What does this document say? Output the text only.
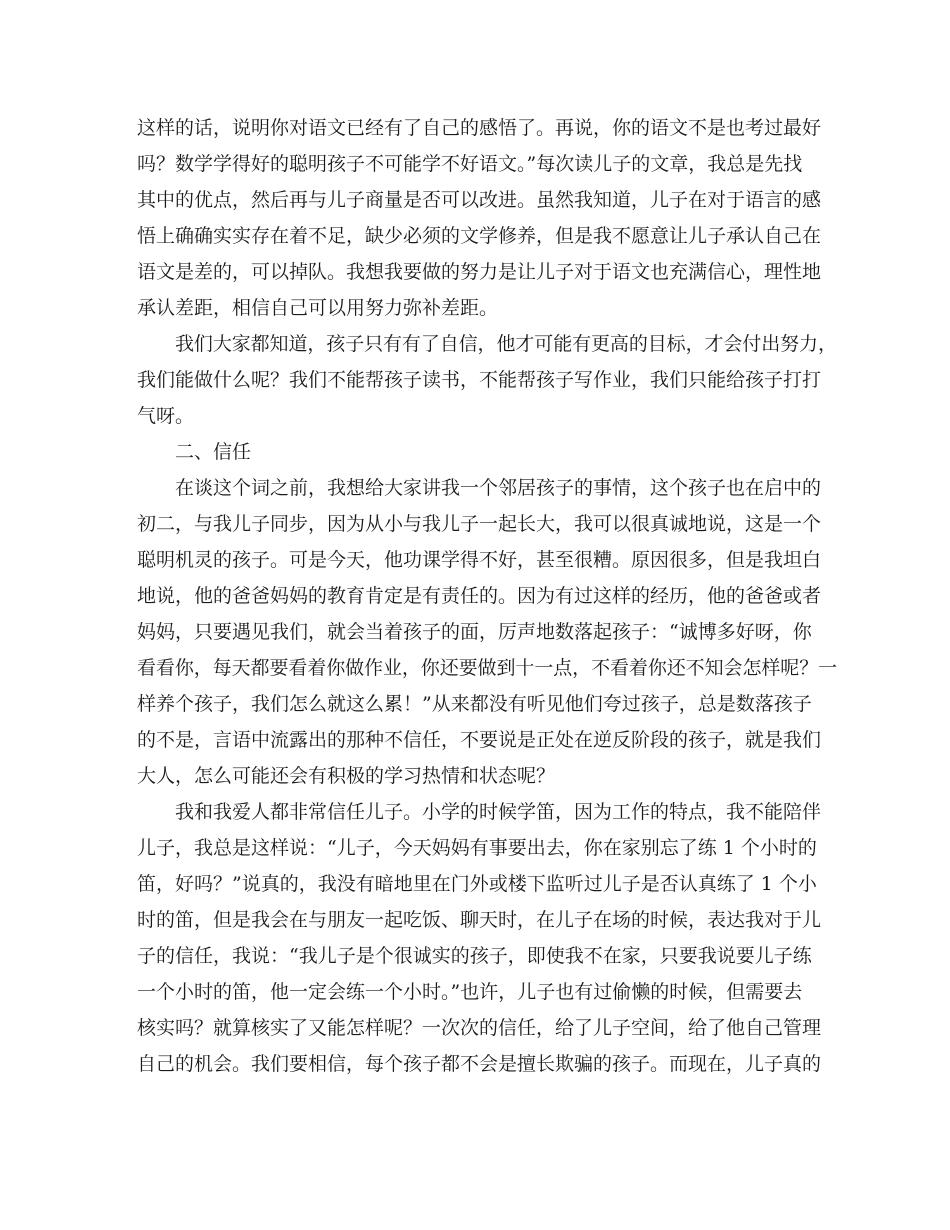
这样的话，说明你对语文已经有了自己的感悟了。再说，你的语文不是也考过最好
吗？数学学得好的聪明孩子不可能学不好语文。”每次读儿子的文章，我总是先找
其中的优点，然后再与儿子商量是否可以改进。虽然我知道，儿子在对于语言的感
悟上确确实实存在着不足，缺少必须的文学修养，但是我不愿意让儿子承认自己在
语文是差的，可以掉队。我想我要做的努力是让儿子对于语文也充满信心，理性地
承认差距，相信自己可以用努力弥补差距。
我们大家都知道，孩子只有有了自信，他才可能有更高的目标，才会付出努力，
我们能做什么呢？我们不能帮孩子读书，不能帮孩子写作业，我们只能给孩子打打
气呀。
二、信任
在谈这个词之前，我想给大家讲我一个邻居孩子的事情，这个孩子也在启中的
初二，与我儿子同步，因为从小与我儿子一起长大，我可以很真诚地说，这是一个
聪明机灵的孩子。可是今天，他功课学得不好，甚至很糟。原因很多，但是我坦白
地说，他的爸爸妈妈的教育肯定是有责任的。因为有过这样的经历，他的爸爸或者
妈妈，只要遇见我们，就会当着孩子的面，厉声地数落起孩子：“诚博多好呀，你
看看你，每天都要看着你做作业，你还要做到十一点，不看着你还不知会怎样呢？一
样养个孩子，我们怎么就这么累！”从来都没有听见他们夸过孩子，总是数落孩子
的不是，言语中流露出的那种不信任，不要说是正处在逆反阶段的孩子，就是我们
大人，怎么可能还会有积极的学习热情和状态呢？
我和我爱人都非常信任儿子。小学的时候学笛，因为工作的特点，我不能陪伴
儿子，我总是这样说：“儿子，今天妈妈有事要出去，你在家别忘了练 1 个小时的
笛，好吗？”说真的，我没有暗地里在门外或楼下监听过儿子是否认真练了 1 个小
时的笛，但是我会在与朋友一起吃饭、聊天时，在儿子在场的时候，表达我对于儿
子的信任，我说：“我儿子是个很诚实的孩子，即使我不在家，只要我说要儿子练
一个小时的笛，他一定会练一个小时。”也许，儿子也有过偷懒的时候，但需要去
核实吗？就算核实了又能怎样呢？一次次的信任，给了儿子空间，给了他自己管理
自己的机会。我们要相信，每个孩子都不会是擅长欺骗的孩子。而现在，儿子真的
